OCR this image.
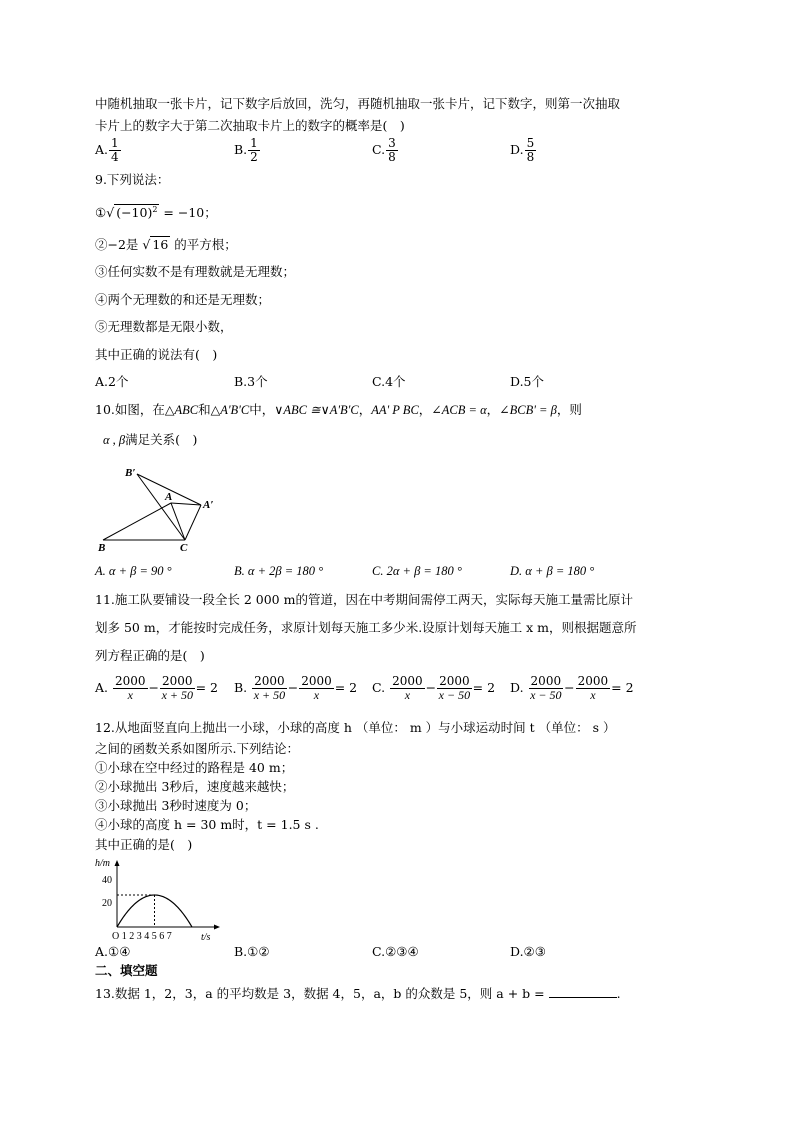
中随机抽取一张卡片，记下数字后放回，洗匀，再随机抽取一张卡片，记下数字，则第一次抽取
卡片上的数字大于第二次抽取卡片上的数字的概率是(　)
A. $\frac{1}{4}$	B. $\frac{1}{2}$	C. $\frac{3}{8}$	D. $\frac{5}{8}$
9.下列说法：
①√ $(-10)^2 = -10$；
②−2是 √ 16 的平方根；
③任何实数不是有理数就是无理数；
④两个无理数的和还是无理数；
⑤无理数都是无限小数，
其中正确的说法有(　)
A.2个	B.3个	C.4个	D.5个
10.如图，在△ABC和△A'B'C中，∨ABC ≅∨A'B'C，AA' P BC，∠ACB = α，∠BCB' = β，则
α , β满足关系(　)
B′
A
A′
B	C
A. α + β = 90 °	B. α + 2β = 180 °	C. 2α + β = 180 °	D. α + β = 180 °
11.施工队要铺设一段全长 2 000 m的管道，因在中考期间需停工两天，实际每天施工量需比原计
划多 50 m，才能按时完成任务，求原计划每天施工多少米.设原计划每天施工 x m，则根据题意所
列方程正确的是(　)
A. $\frac{2000}{x} - \frac{2000}{x + 50} = 2$ B. $\frac{2000}{x + 50} - \frac{2000}{x} = 2$ C. $\frac{2000}{x} - \frac{2000}{x - 50} = 2$ D. $\frac{2000}{x - 50} - \frac{2000}{x} = 2$
12.从地面竖直向上抛出一小球，小球的高度 h （单位： m ）与小球运动时间 t （单位： s ）
之间的函数关系如图所示.下列结论：
①小球在空中经过的路程是 40 m；
②小球抛出 3秒后，速度越来越快；
③小球抛出 3秒时速度为 0；
④小球的高度 h = 30 m时，t = 1.5 s .
其中正确的是(　)
h/m
t/s
40
20
O 1 2 3 4 5 6 7
A.①④	B.①②	C.②③④	D.②③
二、填空题
13.数据 1，2，3，a 的平均数是 3，数据 4，5，a，b 的众数是 5，则 a + b =	.
